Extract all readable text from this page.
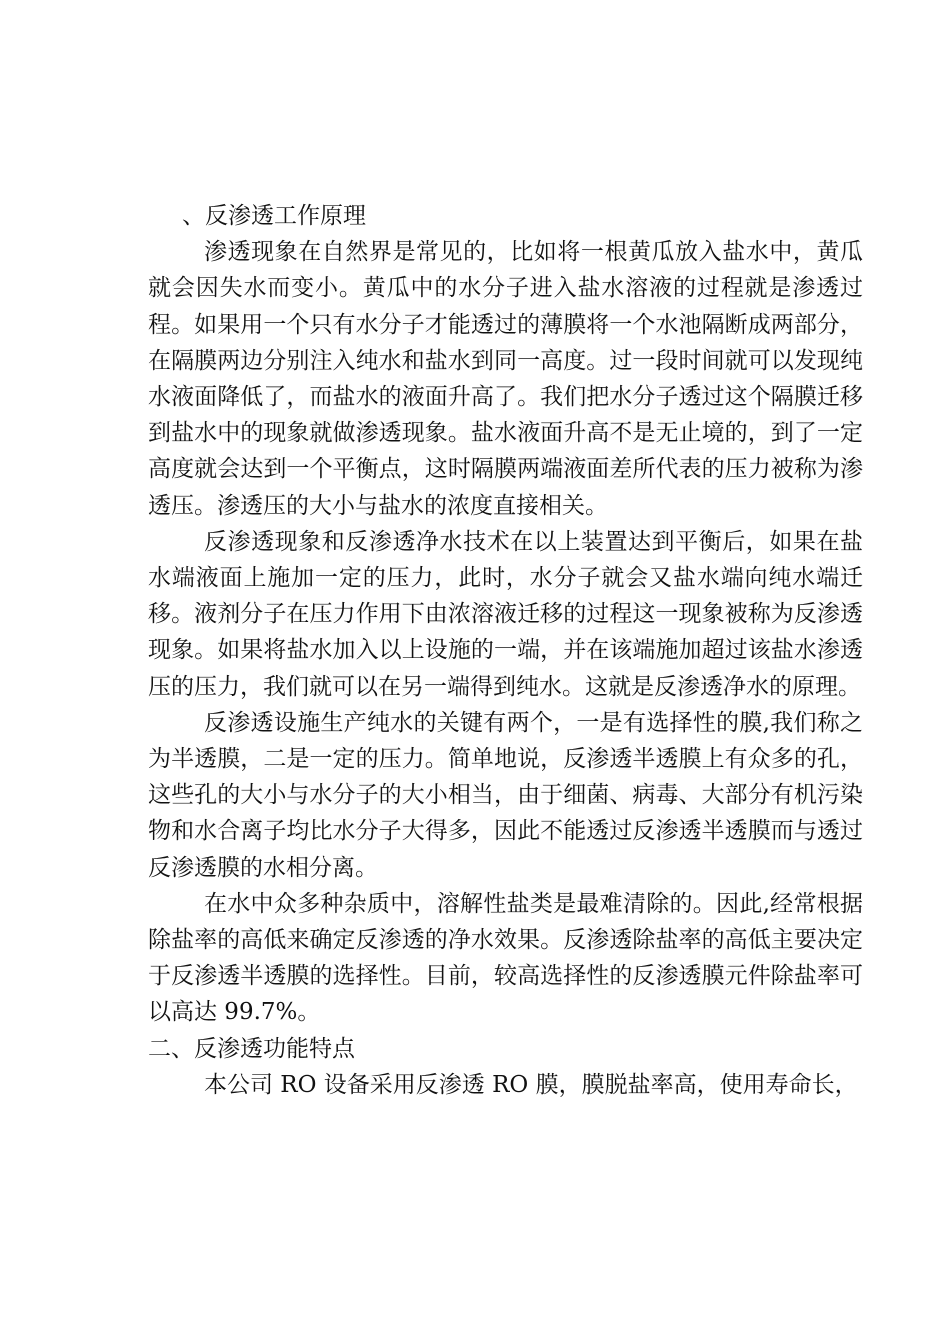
、反渗透工作原理

渗透现象在自然界是常见的，比如将一根黄瓜放入盐水中，黄瓜就会因失水而变小。黄瓜中的水分子进入盐水溶液的过程就是渗透过程。如果用一个只有水分子才能透过的薄膜将一个水池隔断成两部分，在隔膜两边分别注入纯水和盐水到同一高度。过一段时间就可以发现纯水液面降低了，而盐水的液面升高了。我们把水分子透过这个隔膜迁移到盐水中的现象就做渗透现象。盐水液面升高不是无止境的，到了一定高度就会达到一个平衡点，这时隔膜两端液面差所代表的压力被称为渗透压。渗透压的大小与盐水的浓度直接相关。

反渗透现象和反渗透净水技术在以上装置达到平衡后，如果在盐水端液面上施加一定的压力，此时，水分子就会又盐水端向纯水端迁移。液剂分子在压力作用下由浓溶液迁移的过程这一现象被称为反渗透现象。如果将盐水加入以上设施的一端，并在该端施加超过该盐水渗透压的压力，我们就可以在另一端得到纯水。这就是反渗透净水的原理。

反渗透设施生产纯水的关键有两个，一是有选择性的膜,我们称之为半透膜，二是一定的压力。简单地说，反渗透半透膜上有众多的孔，这些孔的大小与水分子的大小相当，由于细菌、病毒、大部分有机污染物和水合离子均比水分子大得多，因此不能透过反渗透半透膜而与透过反渗透膜的水相分离。

在水中众多种杂质中，溶解性盐类是最难清除的。因此,经常根据除盐率的高低来确定反渗透的净水效果。反渗透除盐率的高低主要决定于反渗透半透膜的选择性。目前，较高选择性的反渗透膜元件除盐率可以高达 99.7%。

二、反渗透功能特点

本公司 RO 设备采用反渗透 RO 膜，膜脱盐率高，使用寿命长，
